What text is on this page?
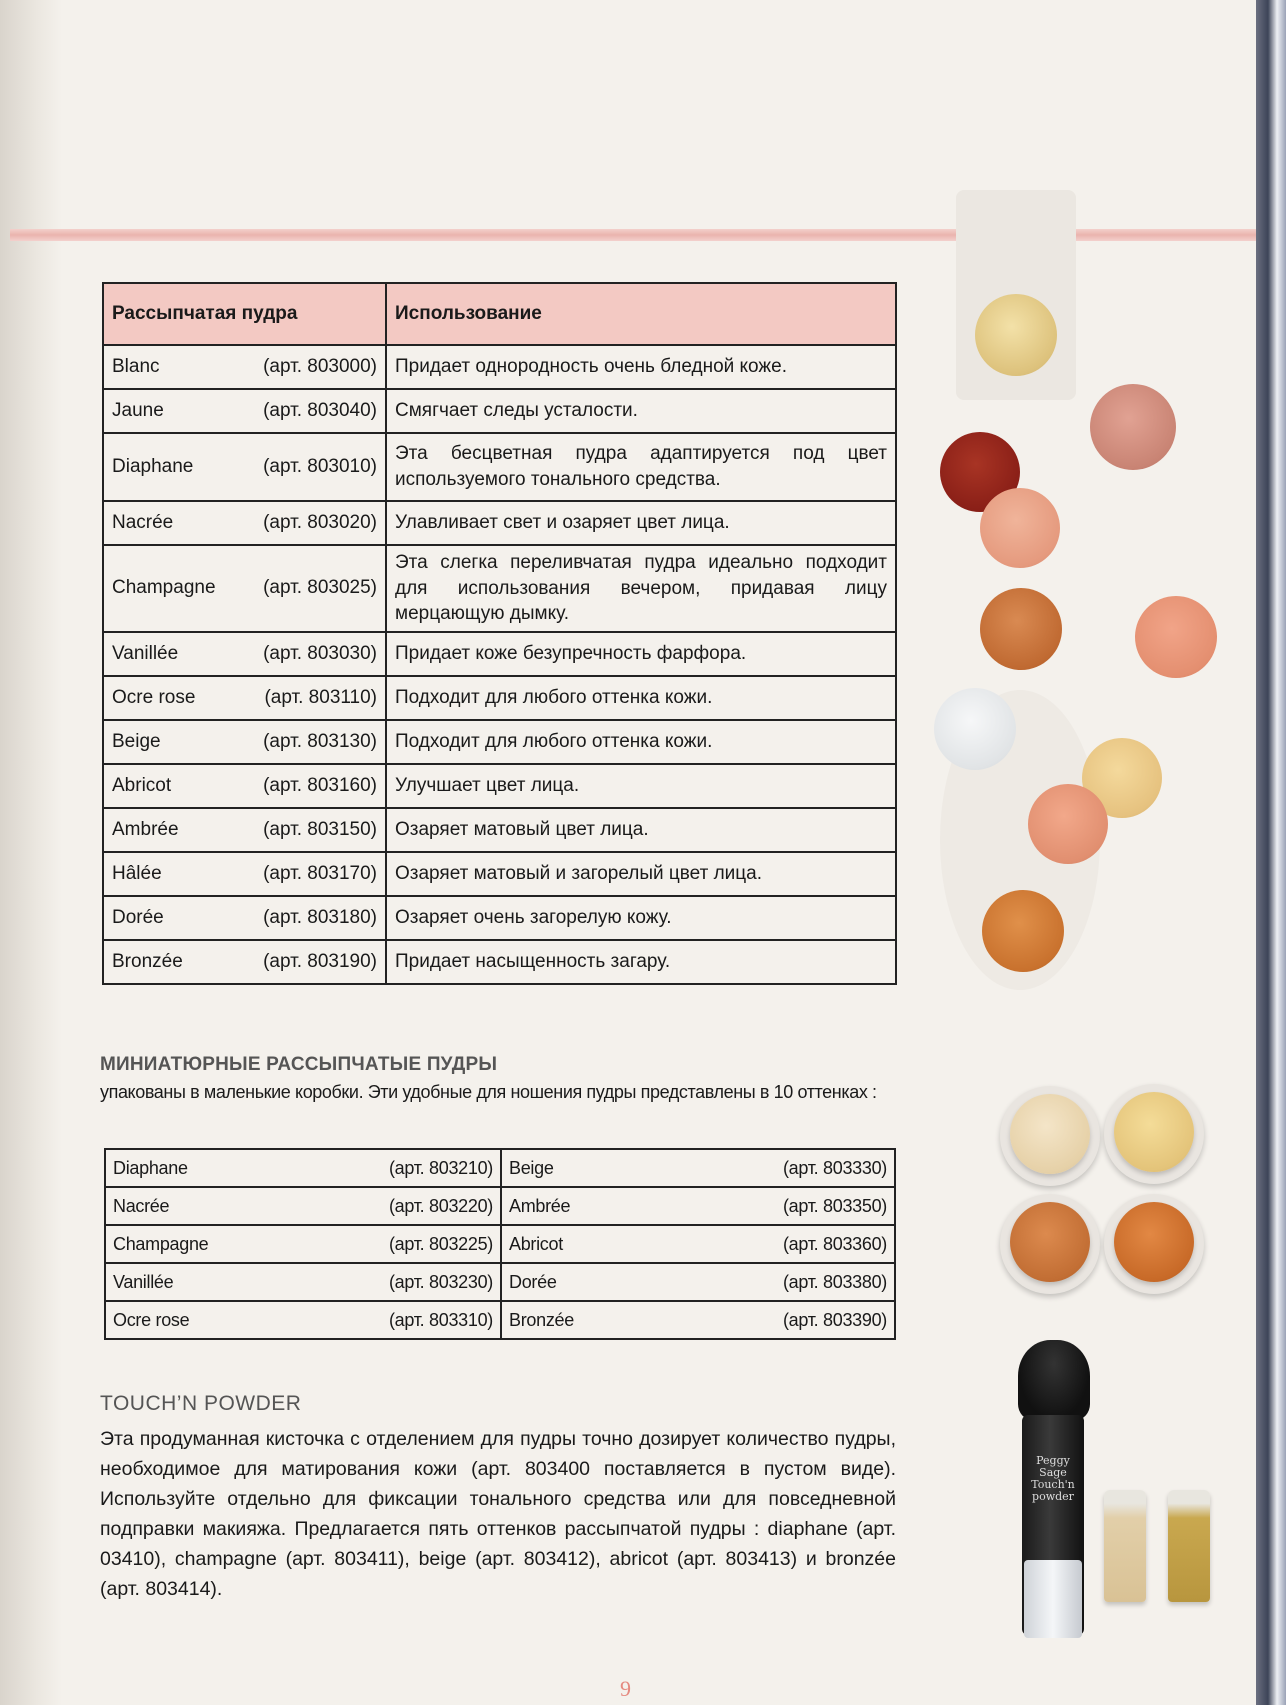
Рассыпчатая пудра	Использование

Blanc (арт. 803000)	Придает однородность очень бледной коже.

Jaune (арт. 803040)	Смягчает следы усталости.

Diaphane (арт. 803010)	Эта бесцветная пудра адаптируется под цвет используемого тонального средства.

Nacrée (арт. 803020)	Улавливает свет и озаряет цвет лица.

Champagne (арт. 803025)	Эта слегка переливчатая пудра идеально подходит для использования вечером, придавая лицу мерцающую дымку.

Vanillée (арт. 803030)	Придает коже безупречность фарфора.

Ocre rose (арт. 803110)	Подходит для любого оттенка кожи.

Beige (арт. 803130)	Подходит для любого оттенка кожи.

Abricot (арт. 803160)	Улучшает цвет лица.

Ambrée (арт. 803150)	Озаряет матовый цвет лица.

Hâlée (арт. 803170)	Озаряет матовый и загорелый цвет лица.

Dorée (арт. 803180)	Озаряет очень загорелую кожу.

Bronzée (арт. 803190)	Придает насыщенность загару.
МИНИАТЮРНЫЕ РАССЫПЧАТЫЕ ПУДРЫ
упакованы в маленькие коробки. Эти удобные для ношения пудры представлены в 10 оттенках :
Diaphane (арт. 803210)	Beige (арт. 803330)

Nacrée (арт. 803220)	Ambrée (арт. 803350)

Champagne (арт. 803225)	Abricot (арт. 803360)

Vanillée (арт. 803230)	Dorée (арт. 803380)

Ocre rose (арт. 803310)	Bronzée (арт. 803390)
TOUCH’N POWDER
Эта продуманная кисточка с отделением для пудры точно дозирует количество пудры, необходимое для матирования кожи (арт. 803400 поставляется в пустом виде). Используйте отдельно для фиксации тонального средства или для повседневной подправки макияжа. Предлагается пять оттенков рассыпчатой пудры : diaphane (арт. 03410), champagne (арт. 803411), beige (арт. 803412), abricot (арт. 803413) и bronzée (арт. 803414).
Peggy Sage Touch'n powder
9
